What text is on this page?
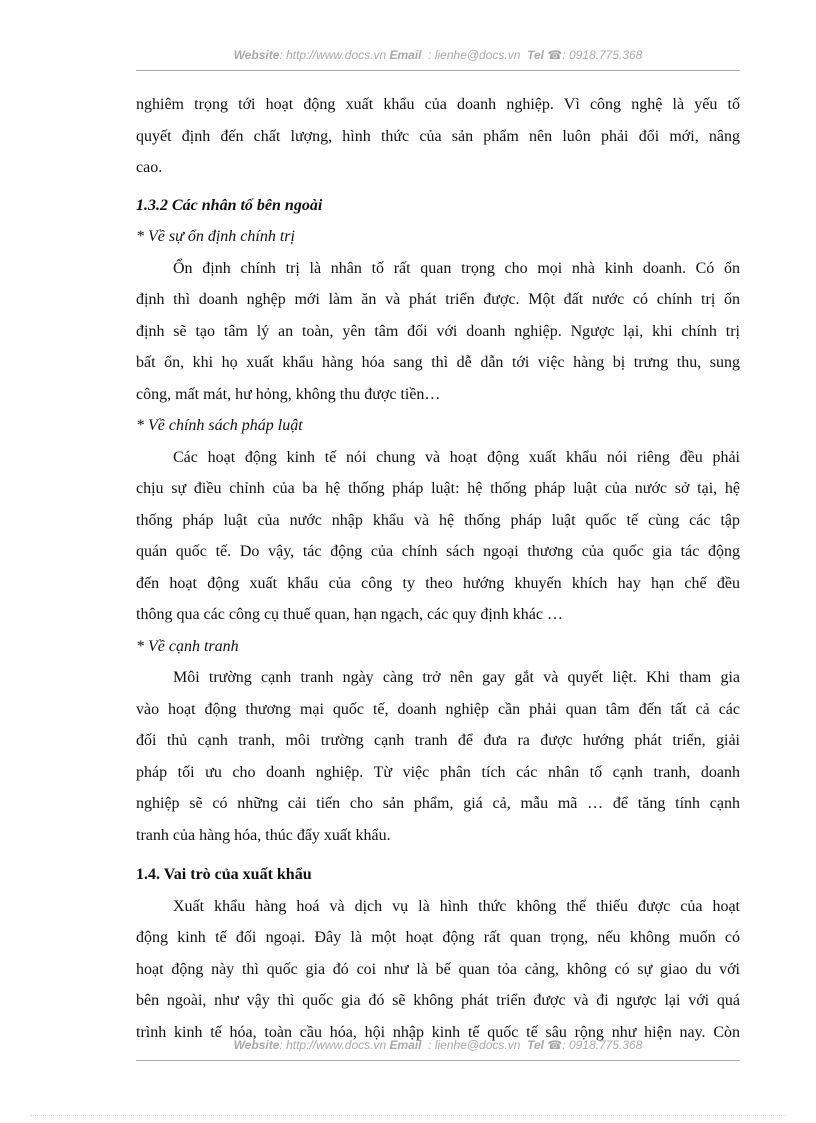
Website: http://www.docs.vn Email : lienhe@docs.vn Tel ☎: 0918.775.368

nghiêm trọng tới hoạt động xuất khẩu của doanh nghiệp. Vì công nghệ là yếu tố

quyết định đến chất lượng, hình thức của sản phẩm nên luôn phải đổi mới, nâng

cao.

1.3.2 Các nhân tố bên ngoài

* Về sự ổn định chính trị

Ổn định chính trị là nhân tố rất quan trọng cho mọi nhà kinh doanh. Có ổn

định thì doanh nghệp mới làm ăn và phát triển được. Một đất nước có chính trị ổn

định sẽ tạo tâm lý an toàn, yên tâm đối với doanh nghiệp. Ngược lại, khi chính trị

bất ổn, khi họ xuất khẩu hàng hóa sang thì dễ dẫn tới việc hàng bị trưng thu, sung

công, mất mát, hư hỏng, không thu được tiền…

* Về chính sách pháp luật

Các hoạt động kinh tế nói chung và hoạt động xuất khẩu nói riêng đều phải

chịu sự điều chỉnh của ba hệ thống pháp luật: hệ thống pháp luật của nước sở tại, hệ

thống pháp luật của nước nhập khẩu và hệ thống pháp luật quốc tế cùng các tập

quán quốc tế. Do vậy, tác động của chính sách ngoại thương của quốc gia tác động

đến hoạt động xuất khẩu của công ty theo hướng khuyến khích hay hạn chế đều

thông qua các công cụ thuế quan, hạn ngạch, các quy định khác …

* Về cạnh tranh

Môi trường cạnh tranh ngày càng trở nên gay gắt và quyết liệt. Khi tham gia

vào hoạt động thương mại quốc tế, doanh nghiệp cần phải quan tâm đến tất cả các

đối thủ cạnh tranh, môi trường cạnh tranh để đưa ra được hướng phát triển, giải

pháp tối ưu cho doanh nghiệp. Từ việc phân tích các nhân tố cạnh tranh, doanh

nghiệp sẽ có những cải tiến cho sản phẩm, giá cả, mẫu mã … để tăng tính cạnh

tranh của hàng hóa, thúc đẩy xuất khẩu.

1.4. Vai trò của xuất khẩu

Xuất khẩu hàng hoá và dịch vụ là hình thức không thể thiếu được của hoạt

động kinh tế đối ngoại. Đây là một hoạt động rất quan trọng, nếu không muốn có

hoạt động này thì quốc gia đó coi như là bế quan tỏa cảng, không có sự giao du với

bên ngoài, như vậy thì quốc gia đó sẽ không phát triển được và đi ngược lại với quá

trình kinh tế hóa, toàn cầu hóa, hội nhập kinh tế quốc tế sâu rộng như hiện nay. Còn

Website: http://www.docs.vn Email : lienhe@docs.vn Tel ☎: 0918.775.368
